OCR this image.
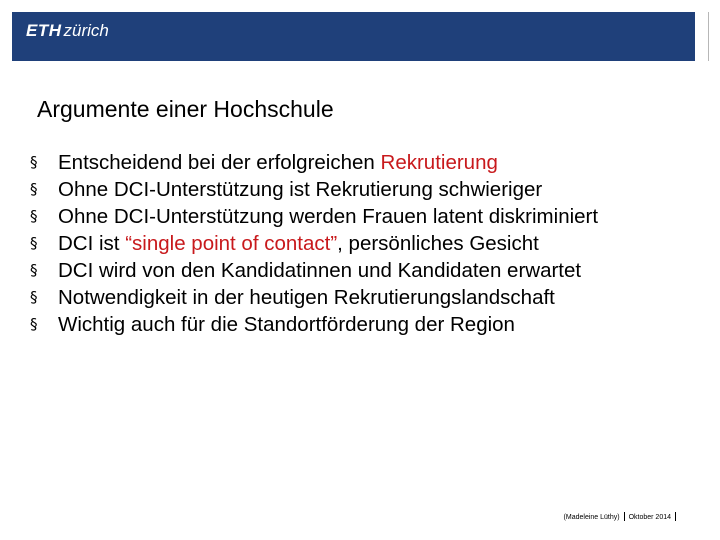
ETH zürich
Argumente einer Hochschule
§	Entscheidend bei der erfolgreichen Rekrutierung
§	Ohne DCI-Unterstützung ist Rekrutierung schwieriger
§	Ohne DCI-Unterstützung werden Frauen latent diskriminiert
§	DCI ist “single point of contact”, persönliches Gesicht
§	DCI wird von den Kandidatinnen und Kandidaten erwartet
§	Notwendigkeit in der heutigen Rekrutierungslandschaft
§	Wichtig auch für die Standortförderung der Region
(Madeleine Lüthy) Oktober 2014
